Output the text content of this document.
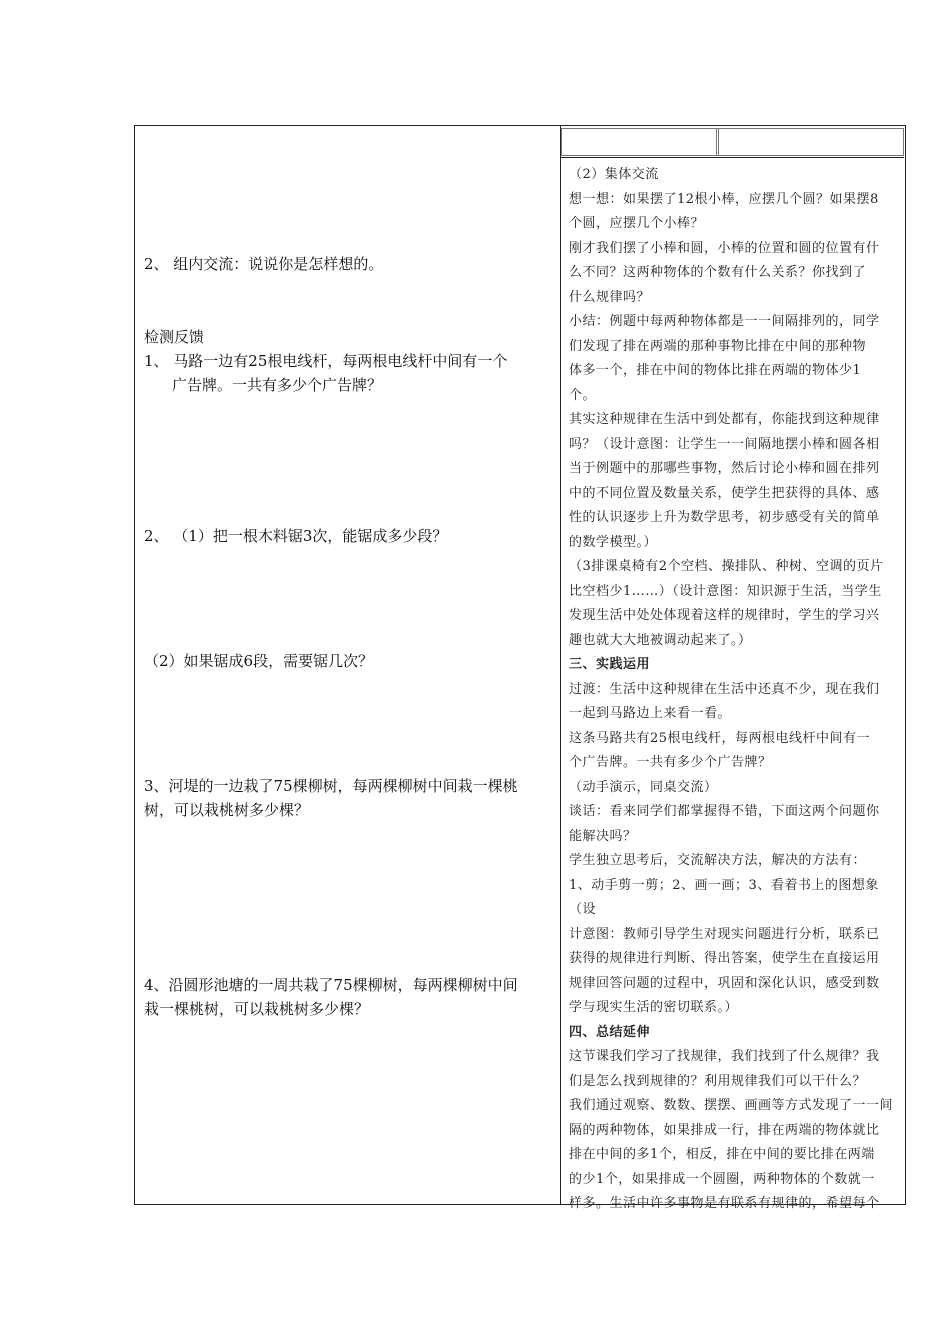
2、 组内交流：说说你是怎样想的。

检测反馈

1、 马路一边有25根电线杆，每两根电线杆中间有一个

广告牌。一共有多少个广告牌？

2、 （1）把一根木料锯3次，能锯成多少段？

（2）如果锯成6段，需要锯几次？

3、河堤的一边栽了75棵柳树，每两棵柳树中间栽一棵桃

树，可以栽桃树多少棵？

4、沿圆形池塘的一周共栽了75棵柳树，每两棵柳树中间

栽一棵桃树，可以栽桃树多少棵？

（2）集体交流

想一想：如果摆了12根小棒，应摆几个圆？如果摆8

个圆，应摆几个小棒？

刚才我们摆了小棒和圆，小棒的位置和圆的位置有什

么不同？这两种物体的个数有什么关系？你找到了

什么规律吗？

小结：例题中每两种物体都是一一间隔排列的，同学

们发现了排在两端的那种事物比排在中间的那种物

体多一个，排在中间的物体比排在两端的物体少1

个。

其实这种规律在生活中到处都有，你能找到这种规律

吗？（设计意图：让学生一一间隔地摆小棒和圆各相

当于例题中的那哪些事物，然后讨论小棒和圆在排列

中的不同位置及数量关系，使学生把获得的具体、感

性的认识逐步上升为数学思考，初步感受有关的简单

的数学模型。）

（3排课桌椅有2个空档、操排队、种树、空调的页片

比空档少1……）（设计意图：知识源于生活，当学生

发现生活中处处体现着这样的规律时，学生的学习兴

趣也就大大地被调动起来了。）

三、实践运用

过渡：生活中这种规律在生活中还真不少，现在我们

一起到马路边上来看一看。

这条马路共有25根电线杆，每两根电线杆中间有一

个广告牌。一共有多少个广告牌？

（动手演示，同桌交流）

谈话：看来同学们都掌握得不错，下面这两个问题你

能解决吗？

学生独立思考后，交流解决方法，解决的方法有：

1、动手剪一剪；2、画一画；3、看着书上的图想象（设

计意图：教师引导学生对现实问题进行分析，联系已

获得的规律进行判断、得出答案，使学生在直接运用

规律回答问题的过程中，巩固和深化认识，感受到数

学与现实生活的密切联系。）

四、总结延伸

这节课我们学习了找规律，我们找到了什么规律？我

们是怎么找到规律的？利用规律我们可以干什么？

我们通过观察、数数、摆摆、画画等方式发现了一一间

隔的两种物体，如果排成一行，排在两端的物体就比

排在中间的多1个，相反，排在中间的要比排在两端

的少1个，如果排成一个圆圈，两种物体的个数就一

样多。生活中许多事物是有联系有规律的，希望每个
